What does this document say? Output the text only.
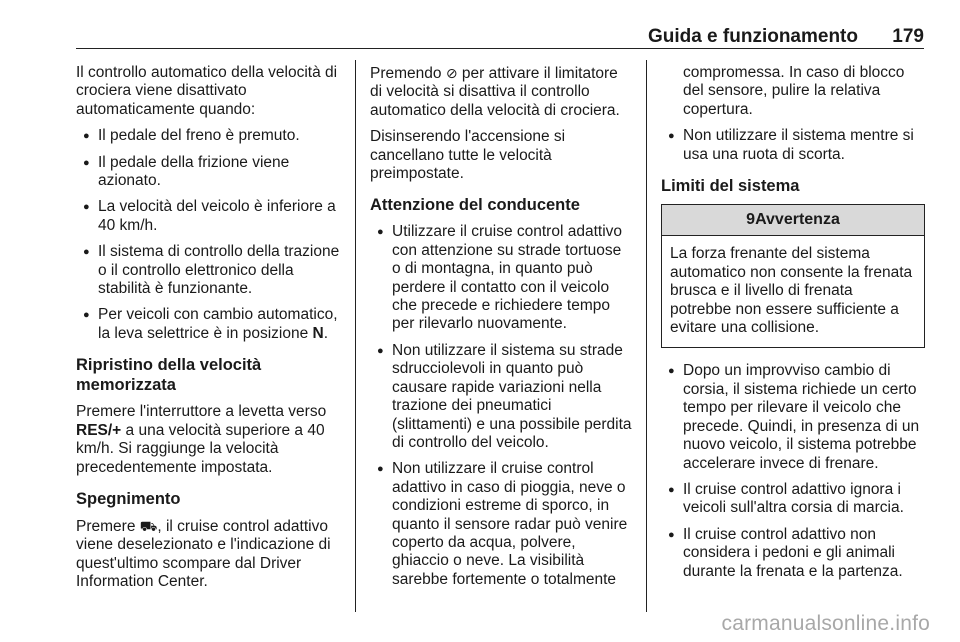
Guida e funzionamento 179

Il controllo automatico della velocità di crociera viene disattivato automaticamente quando:

● Il pedale del freno è premuto.
● Il pedale della frizione viene azionato.
● La velocità del veicolo è inferiore a 40 km/h.
● Il sistema di controllo della trazione o il controllo elettronico della stabilità è funzionante.
● Per veicoli con cambio automatico, la leva selettrice è in posizione N.
Ripristino della velocità memorizzata

Premere l'interruttore a levetta verso RES/+ a una velocità superiore a 40 km/h. Si raggiunge la velocità precedentemente impostata.

Spegnimento

Premere ⛟, il cruise control adattivo viene deselezionato e l'indicazione di quest'ultimo scompare dal Driver Information Center.

Premendo ⊘ per attivare il limitatore di velocità si disattiva il controllo automatico della velocità di crociera.

Disinserendo l'accensione si cancellano tutte le velocità preimpostate.

Attenzione del conducente
● Utilizzare il cruise control adattivo con attenzione su strade tortuose o di montagna, in quanto può perdere il contatto con il veicolo che precede e richiedere tempo per rilevarlo nuovamente.
● Non utilizzare il sistema su strade sdrucciolevoli in quanto può causare rapide variazioni nella trazione dei pneumatici (slittamenti) e una possibile perdita di controllo del veicolo.
● Non utilizzare il cruise control adattivo in caso di pioggia, neve o condizioni estreme di sporco, in quanto il sensore radar può venire coperto da acqua, polvere, ghiaccio o neve. La visibilità sarebbe fortemente o totalmente

compromessa. In caso di blocco del sensore, pulire la relativa copertura.

● Non utilizzare il sistema mentre si usa una ruota di scorta.
Limiti del sistema
9Avvertenza
La forza frenante del sistema automatico non consente la frenata brusca e il livello di frenata potrebbe non essere sufficiente a evitare una collisione.
● Dopo un improvviso cambio di corsia, il sistema richiede un certo tempo per rilevare il veicolo che precede. Quindi, in presenza di un nuovo veicolo, il sistema potrebbe accelerare invece di frenare.
● Il cruise control adattivo ignora i veicoli sull'altra corsia di marcia.
● Il cruise control adattivo non considera i pedoni e gli animali durante la frenata e la partenza.
carmanualsonline.info
